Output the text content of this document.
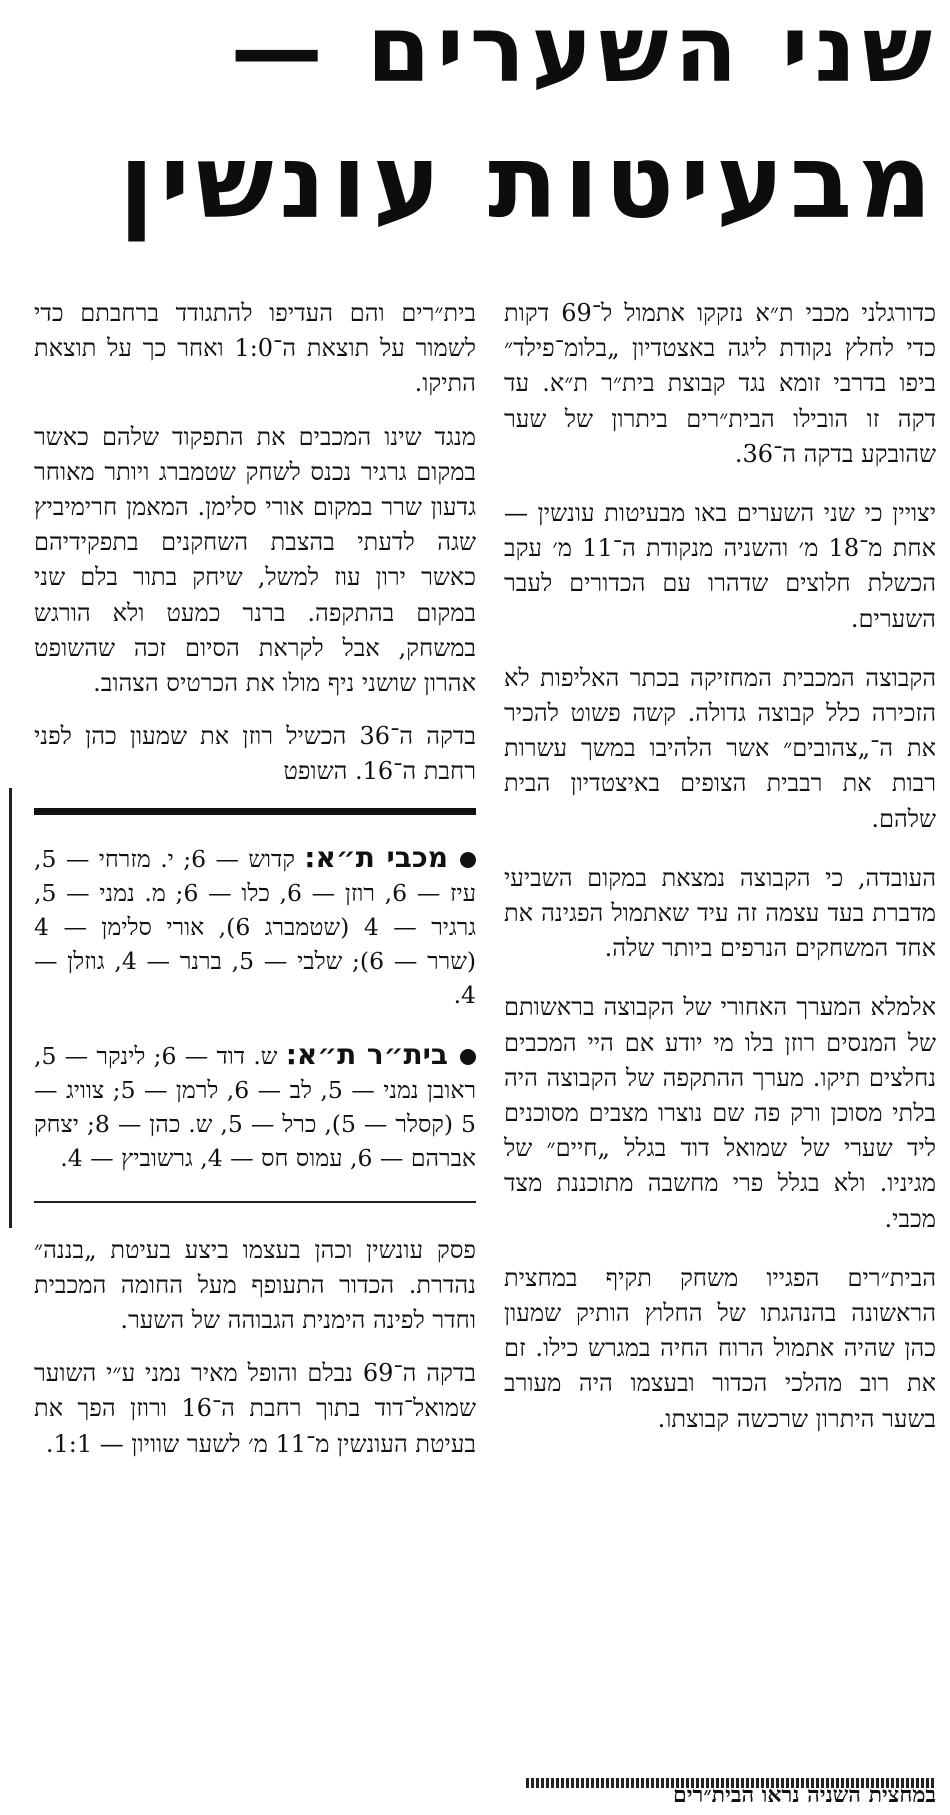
שני השערים —
מבעיטות עונשין

כדורגלני מכבי ת״א נזקקו אתמול ל־69 דקות כדי לחלץ נקודת ליגה באצטדיון „בלומ־פילד״ ביפו בדרבי זומא נגד קבוצת בית״ר ת״א. עד דקה זו הובילו הבית״רים ביתרון של שער שהובקע בדקה ה־36.

יצויין כי שני השערים באו מבעיטות עונשין — אחת מ־18 מ׳ והשניה מנקודת ה־11 מ׳ עקב הכשלת חלוצים שדהרו עם הכדורים לעבר השערים.

הקבוצה המכבית המחזיקה בכתר האליפות לא הזכירה כלל קבוצה גדולה. קשה פשוט להכיר את ה־„צהובים״ אשר הלהיבו במשך עשרות רבות את רבבית הצופים באיצטדיון הבית שלהם.

העובדה, כי הקבוצה נמצאת במקום השביעי מדברת בעד עצמה זה עיד שאתמול הפגינה את אחד המשחקים הנרפים ביותר שלה.

אלמלא המערך האחורי של הקבוצה בראשותם של המנסים רוזן בלו מי יודע אם היי המכבים נחלצים תיקו. מערך ההתקפה של הקבוצה היה בלתי מסוכן ורק פה שם נוצרו מצבים מסוכנים ליד שערי של שמואל דוד בגלל „חיים״ של מגיניו. ולא בגלל פרי מחשבה מתוכננת מצד מכבי.

הבית״רים הפגייו משחק תקיף במחצית הראשונה בהנהגתו של החלוץ הותיק שמעון כהן שהיה אתמול הרוח החיה במגרש כילו. זם את רוב מהלכי הכדור ובעצמו היה מעורב בשער היתרון שרכשה קבוצתו.

בית״רים והם העדיפו להתגודד ברחבתם כדי לשמור על תוצאת ה־1:0 ואחר כך על תוצאת התיקו.

מנגד שינו המכבים את התפקוד שלהם כאשר במקום גרגיר נכנס לשחק שטמברג ויותר מאוחר גדעון שרר במקום אורי סלימן. המאמן חרימיביץ שגה לדעתי בהצבת השחקנים בתפקידיהם כאשר ירון עוז למשל, שיחק בתור בלם שני במקום בהתקפה. ברנר כמעט ולא הורגש במשחק, אבל לקראת הסיום זכה שהשופט אהרון שושני ניף מולו את הכרטיס הצהוב.

בדקה ה־36 הכשיל רוזן את שמעון כהן לפני רחבת ה־16. השופט

מכבי ת״א: קדוש — 6; י. מזרחי — 5, עיז — 6, רוזן — 6, כלו — 6; מ. נמני — 5, גרגיר — 4 (שטמברג 6), אורי סלימן — 4 (שרר — 6); שלבי — 5, ברנר — 4, גוזלן — 4.
בית״ר ת״א: ש. דוד — 6; לינקר — 5, ראובן נמני — 5, לב — 6, לרמן — 5; צוויג — 5 (קסלר — 5), כרל — 5, ש. כהן — 8; יצחק אברהם — 6, עמוס חס — 4, גרשוביץ — 4.

פסק עונשין וכהן בעצמו ביצע בעיטת „בננה״ נהדרת. הכדור התעופף מעל החומה המכבית וחדר לפינה הימנית הגבוהה של השער.

בדקה ה־69 נבלם והופל מאיר נמני ע״י השוער שמואל־דוד בתוך רחבת ה־16 ורוזן הפך את בעיטת העונשין מ־11 מ׳ לשער שוויון — 1:1.

במחצית השניה נראו הבית״רים
